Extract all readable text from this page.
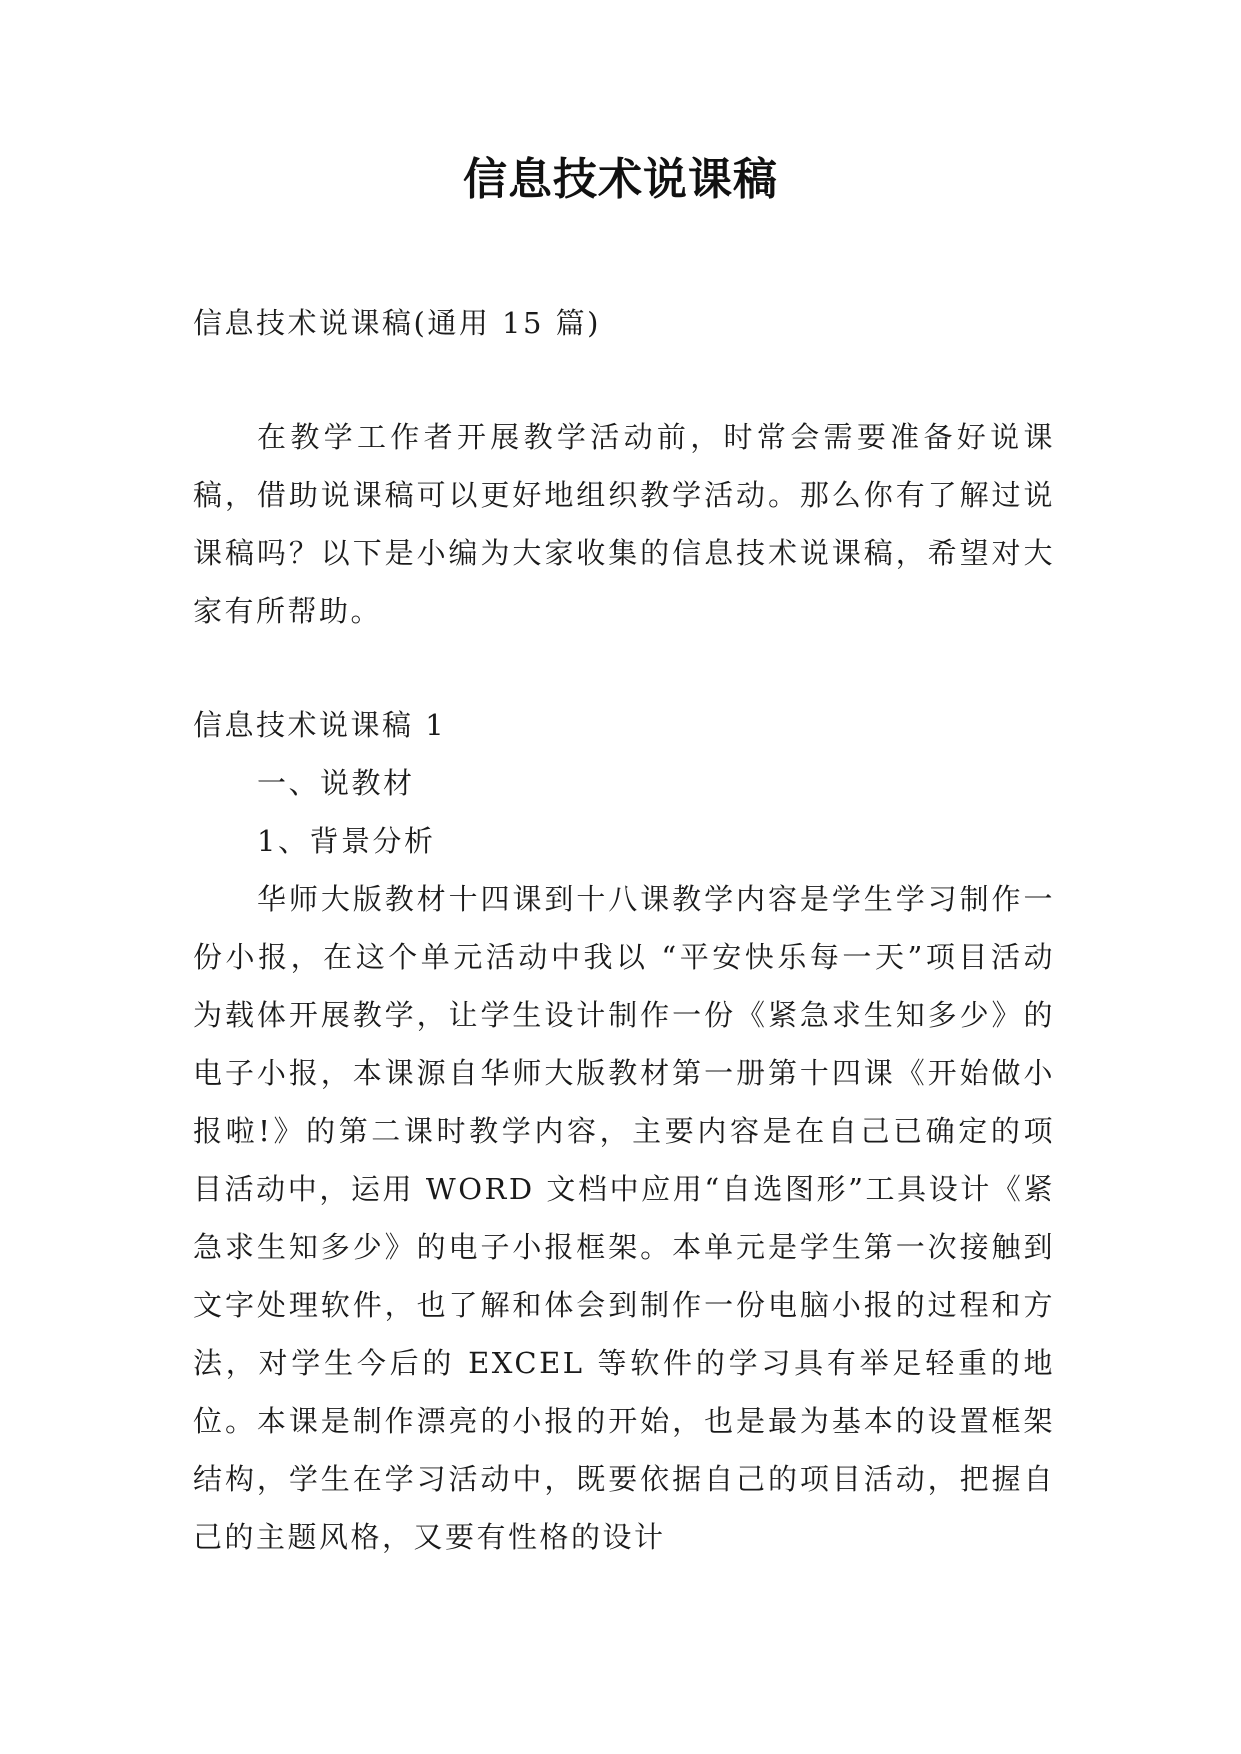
信息技术说课稿

信息技术说课稿(通用 15 篇)

在教学工作者开展教学活动前，时常会需要准备好说课稿，借助说课稿可以更好地组织教学活动。那么你有了解过说课稿吗？以下是小编为大家收集的信息技术说课稿，希望对大家有所帮助。

信息技术说课稿 1

一、说教材

1、背景分析

华师大版教材十四课到十八课教学内容是学生学习制作一份小报，在这个单元活动中我以 “平安快乐每一天”项目活动为载体开展教学，让学生设计制作一份《紧急求生知多少》的电子小报，本课源自华师大版教材第一册第十四课《开始做小报啦!》的第二课时教学内容，主要内容是在自己已确定的项目活动中，运用 WORD 文档中应用“自选图形”工具设计《紧急求生知多少》的电子小报框架。本单元是学生第一次接触到文字处理软件，也了解和体会到制作一份电脑小报的过程和方法，对学生今后的 EXCEL 等软件的学习具有举足轻重的地位。本课是制作漂亮的小报的开始，也是最为基本的设置框架结构，学生在学习活动中，既要依据自己的项目活动，把握自己的主题风格，又要有性格的设计
